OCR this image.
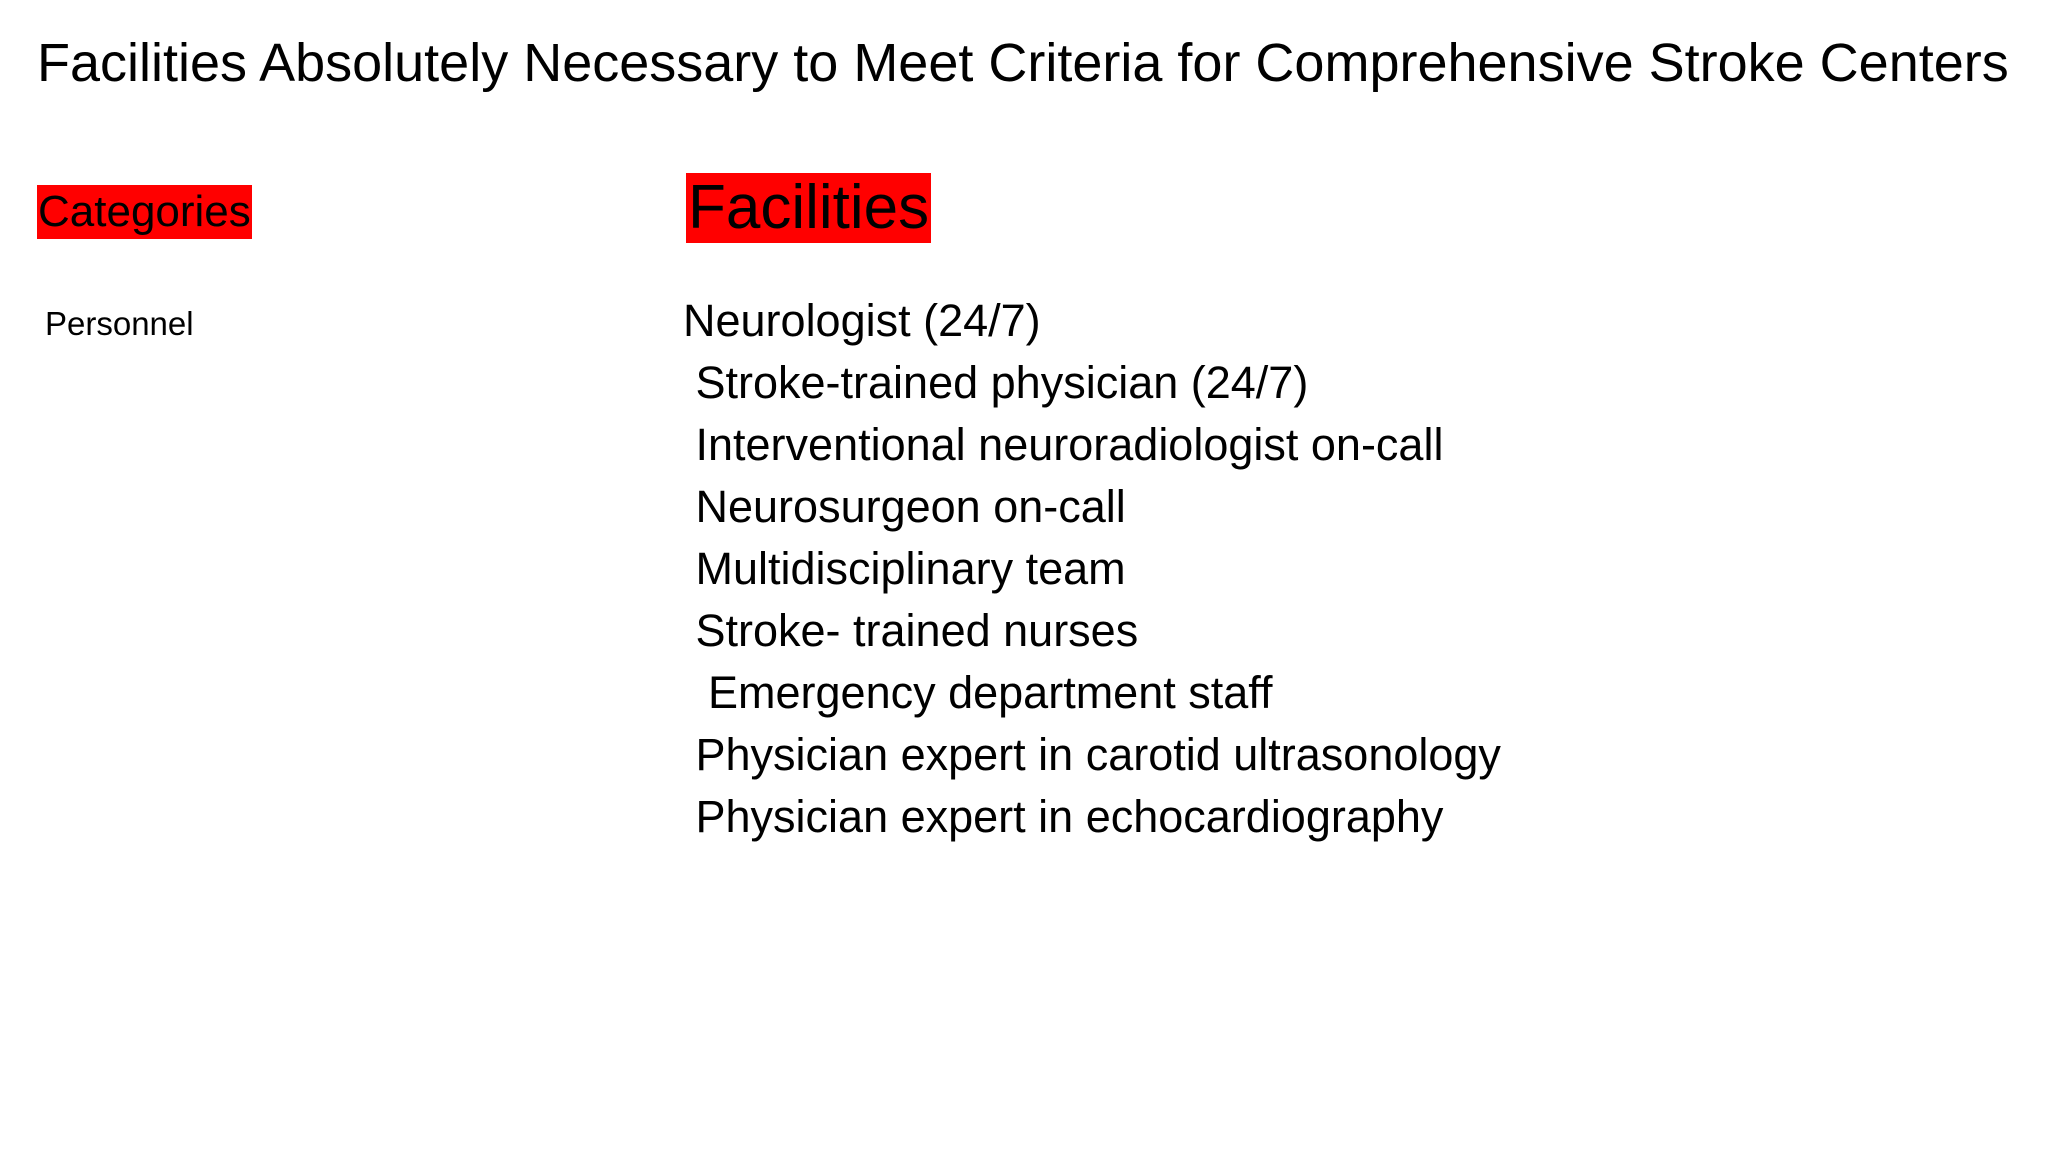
Facilities Absolutely Necessary to Meet Criteria for Comprehensive Stroke Centers
Categories	Facilities
Personnel	Neurologist (24/7)
Stroke-trained physician (24/7)
Interventional neuroradiologist on-call
Neurosurgeon on-call
Multidisciplinary team
Stroke- trained nurses
Emergency department staff
Physician expert in carotid ultrasonology
Physician expert in echocardiography
